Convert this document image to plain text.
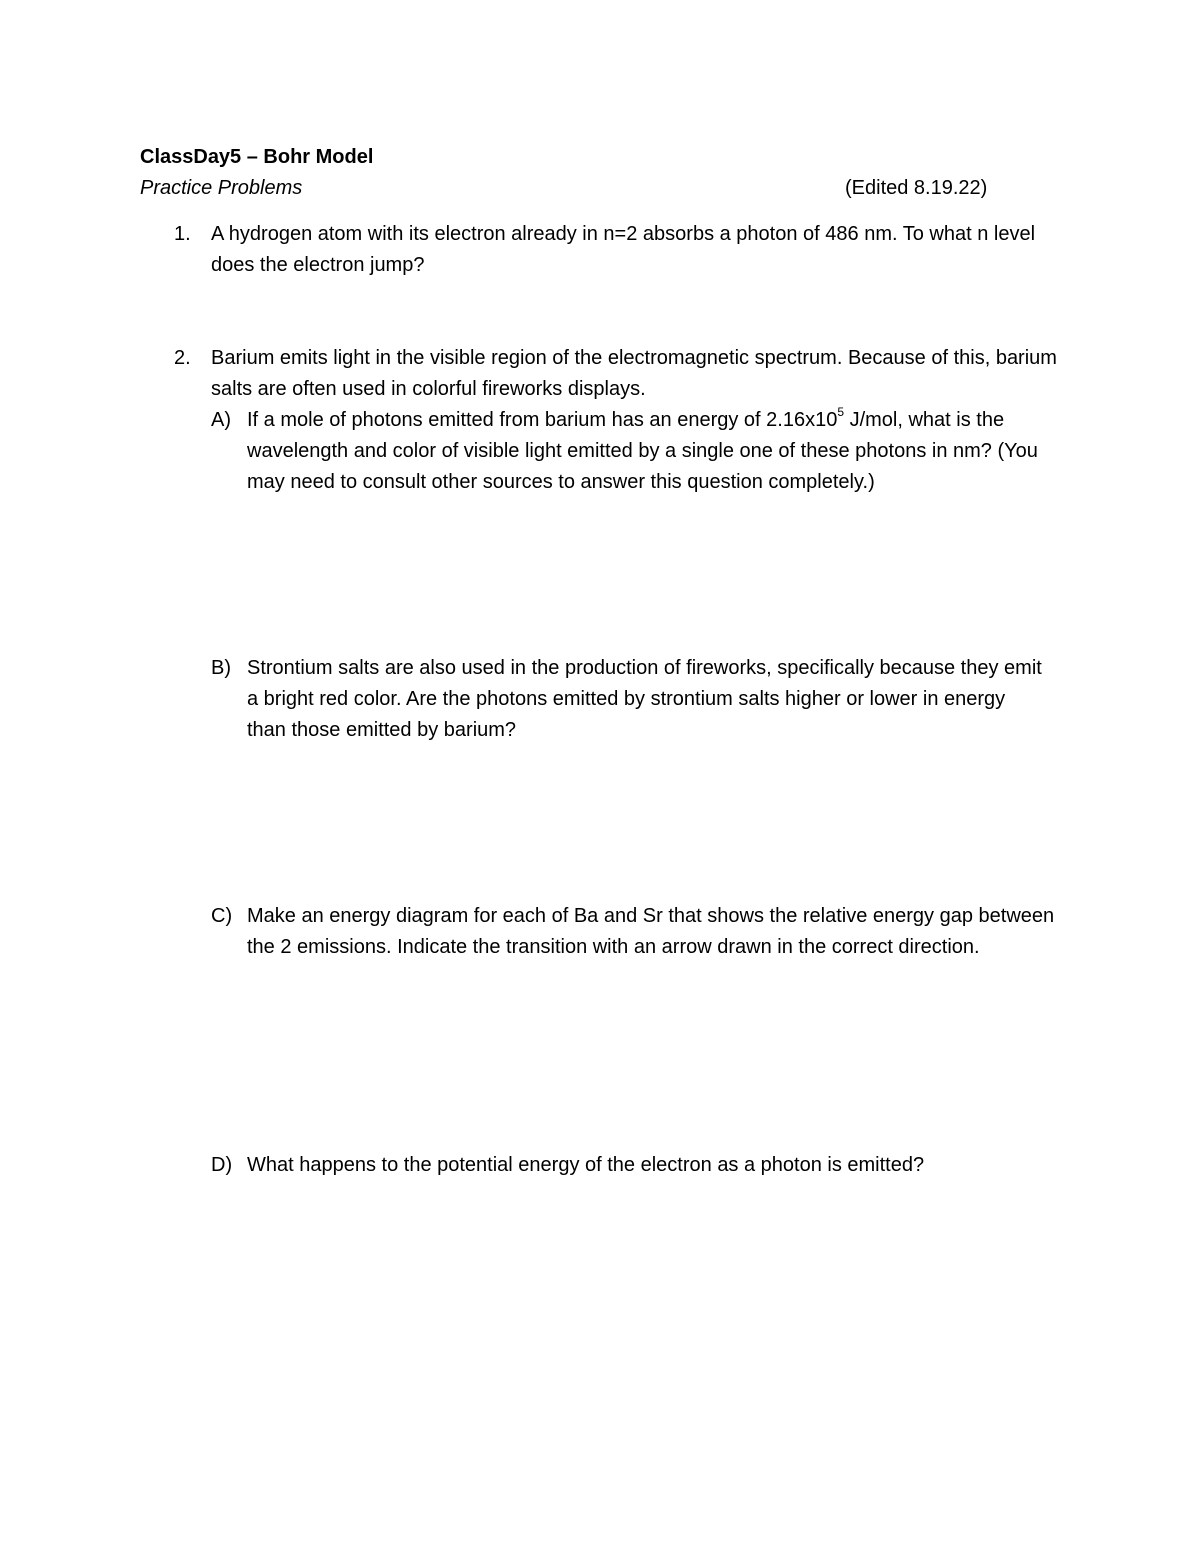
ClassDay5 – Bohr Model
Practice Problems	(Edited 8.19.22)
1.	A hydrogen atom with its electron already in n=2 absorbs a photon of 486 nm. To what n level does the electron jump?
2.	Barium emits light in the visible region of the electromagnetic spectrum. Because of this, barium salts are often used in colorful fireworks displays.
A) If a mole of photons emitted from barium has an energy of $2.16x10^5$ J/mol, what is the wavelength and color of visible light emitted by a single one of these photons in nm? (You may need to consult other sources to answer this question completely.)
B) Strontium salts are also used in the production of fireworks, specifically because they emit a bright red color. Are the photons emitted by strontium salts higher or lower in energy than those emitted by barium?
C) Make an energy diagram for each of Ba and Sr that shows the relative energy gap between the 2 emissions. Indicate the transition with an arrow drawn in the correct direction.
D) What happens to the potential energy of the electron as a photon is emitted?
